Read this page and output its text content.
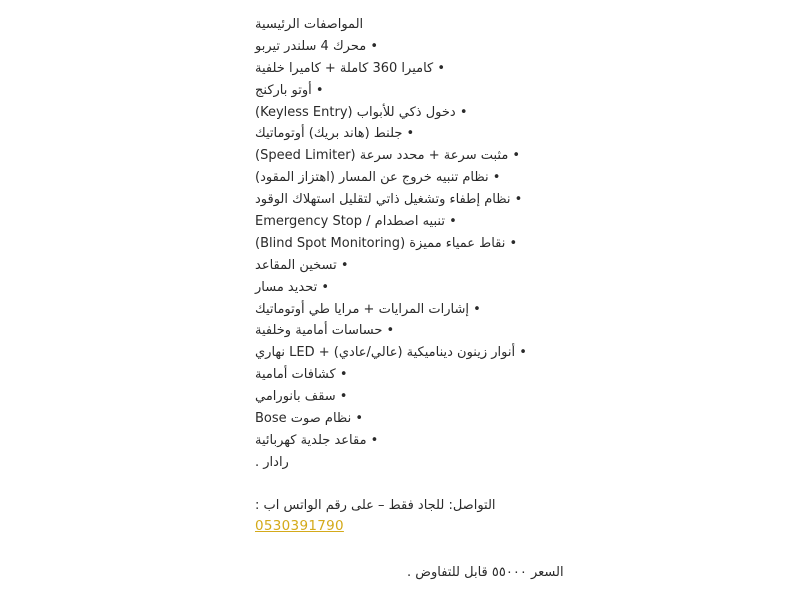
المواصفات الرئيسية
• محرك 4 سلندر تيربو
• كاميرا 360 كاملة + كاميرا خلفية
• أوتو باركنج
• دخول ذكي للأبواب (Keyless Entry)
• جلنط (هاند بريك) أوتوماتيك
• مثبت سرعة + محدد سرعة (Speed Limiter)
• نظام تنبيه خروج عن المسار (اهتزاز المقود)
• نظام إطفاء وتشغيل ذاتي لتقليل استهلاك الوقود
• تنبيه اصطدام / Emergency Stop
• نقاط عمياء مميزة (Blind Spot Monitoring)
• تسخين المقاعد
• تحديد مسار
• إشارات المرايات + مرايا طي أوتوماتيك
• حساسات أمامية وخلفية
• أنوار زينون ديناميكية (عالي/عادي) + LED نهاري
• كشافات أمامية
• سقف بانورامي
• نظام صوت Bose
• مقاعد جلدية كهربائية
رادار .
التواصل: للجاد فقط – على رقم الواتس اب :
0530391790
السعر ٥٥٠٠٠ قابل للتفاوض .
